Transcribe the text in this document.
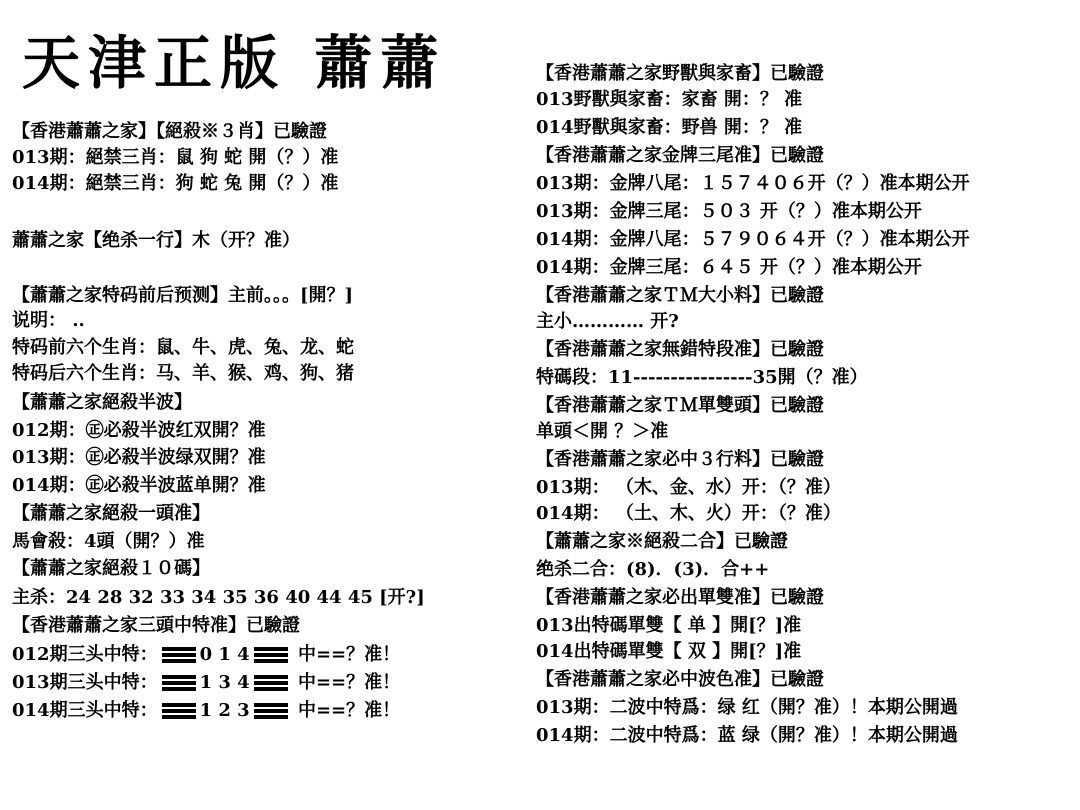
天津正版 蕭蕭
【香港蕭蕭之家】【絕殺※３肖】已驗證
013期：絕禁三肖：鼠 狗 蛇 開（？）准
014期：絕禁三肖：狗 蛇 兔 開（？）准
蕭蕭之家【绝杀一行】木（开？准）
【蕭蕭之家特码前后预测】主前。。。[開？]
说明： ..
特码前六个生肖：鼠、牛、虎、兔、龙、蛇
特码后六个生肖：马、羊、猴、鸡、狗、猪
【蕭蕭之家絕殺半波】
012期：㊣必殺半波红双開？准
013期：㊣必殺半波绿双開？准
014期：㊣必殺半波蓝单開？准
【蕭蕭之家絕殺一頭准】
馬會殺：4頭（開？）准
【蕭蕭之家絕殺１０碼】
主杀：24 28 32 33 34 35 36 40 44 45 [开?]
【香港蕭蕭之家三頭中特准】已驗證
012期三头中特： 0 1 4 中==？准！
013期三头中特： 1 3 4 中==？准！
014期三头中特： 1 2 3 中==？准！
【香港蕭蕭之家野獸與家畜】已驗證
013野獸與家畜：家畜 開：？ 准
014野獸與家畜：野兽 開：？ 准
【香港蕭蕭之家金牌三尾准】已驗證
013期：金牌八尾：１５７４０６开（？）准本期公开
013期：金牌三尾：５０３ 开（？）准本期公开
014期：金牌八尾：５７９０６４开（？）准本期公开
014期：金牌三尾：６４５ 开（？）准本期公开
【香港蕭蕭之家ＴＭ大小料】已驗證
主小………… 开?
【香港蕭蕭之家無錯特段准】已驗證
特碼段：11----------------35開（？准）
【香港蕭蕭之家ＴＭ單雙頭】已驗證
单頭＜開 ？＞准
【香港蕭蕭之家必中３行料】已驗證
013期： （木、金、水）开：（？准）
014期： （土、木、火）开：（？准）
【蕭蕭之家※絕殺二合】已驗證
绝杀二合：(8)．(3)．合++
【香港蕭蕭之家必出單雙准】已驗證
013出特碼單雙【 单 】開[？]准
014出特碼單雙【 双 】開[？]准
【香港蕭蕭之家必中波色准】已驗證
013期：二波中特爲：绿 红（開？准）！本期公開過
014期：二波中特爲：蓝 绿（開？准）！本期公開過
